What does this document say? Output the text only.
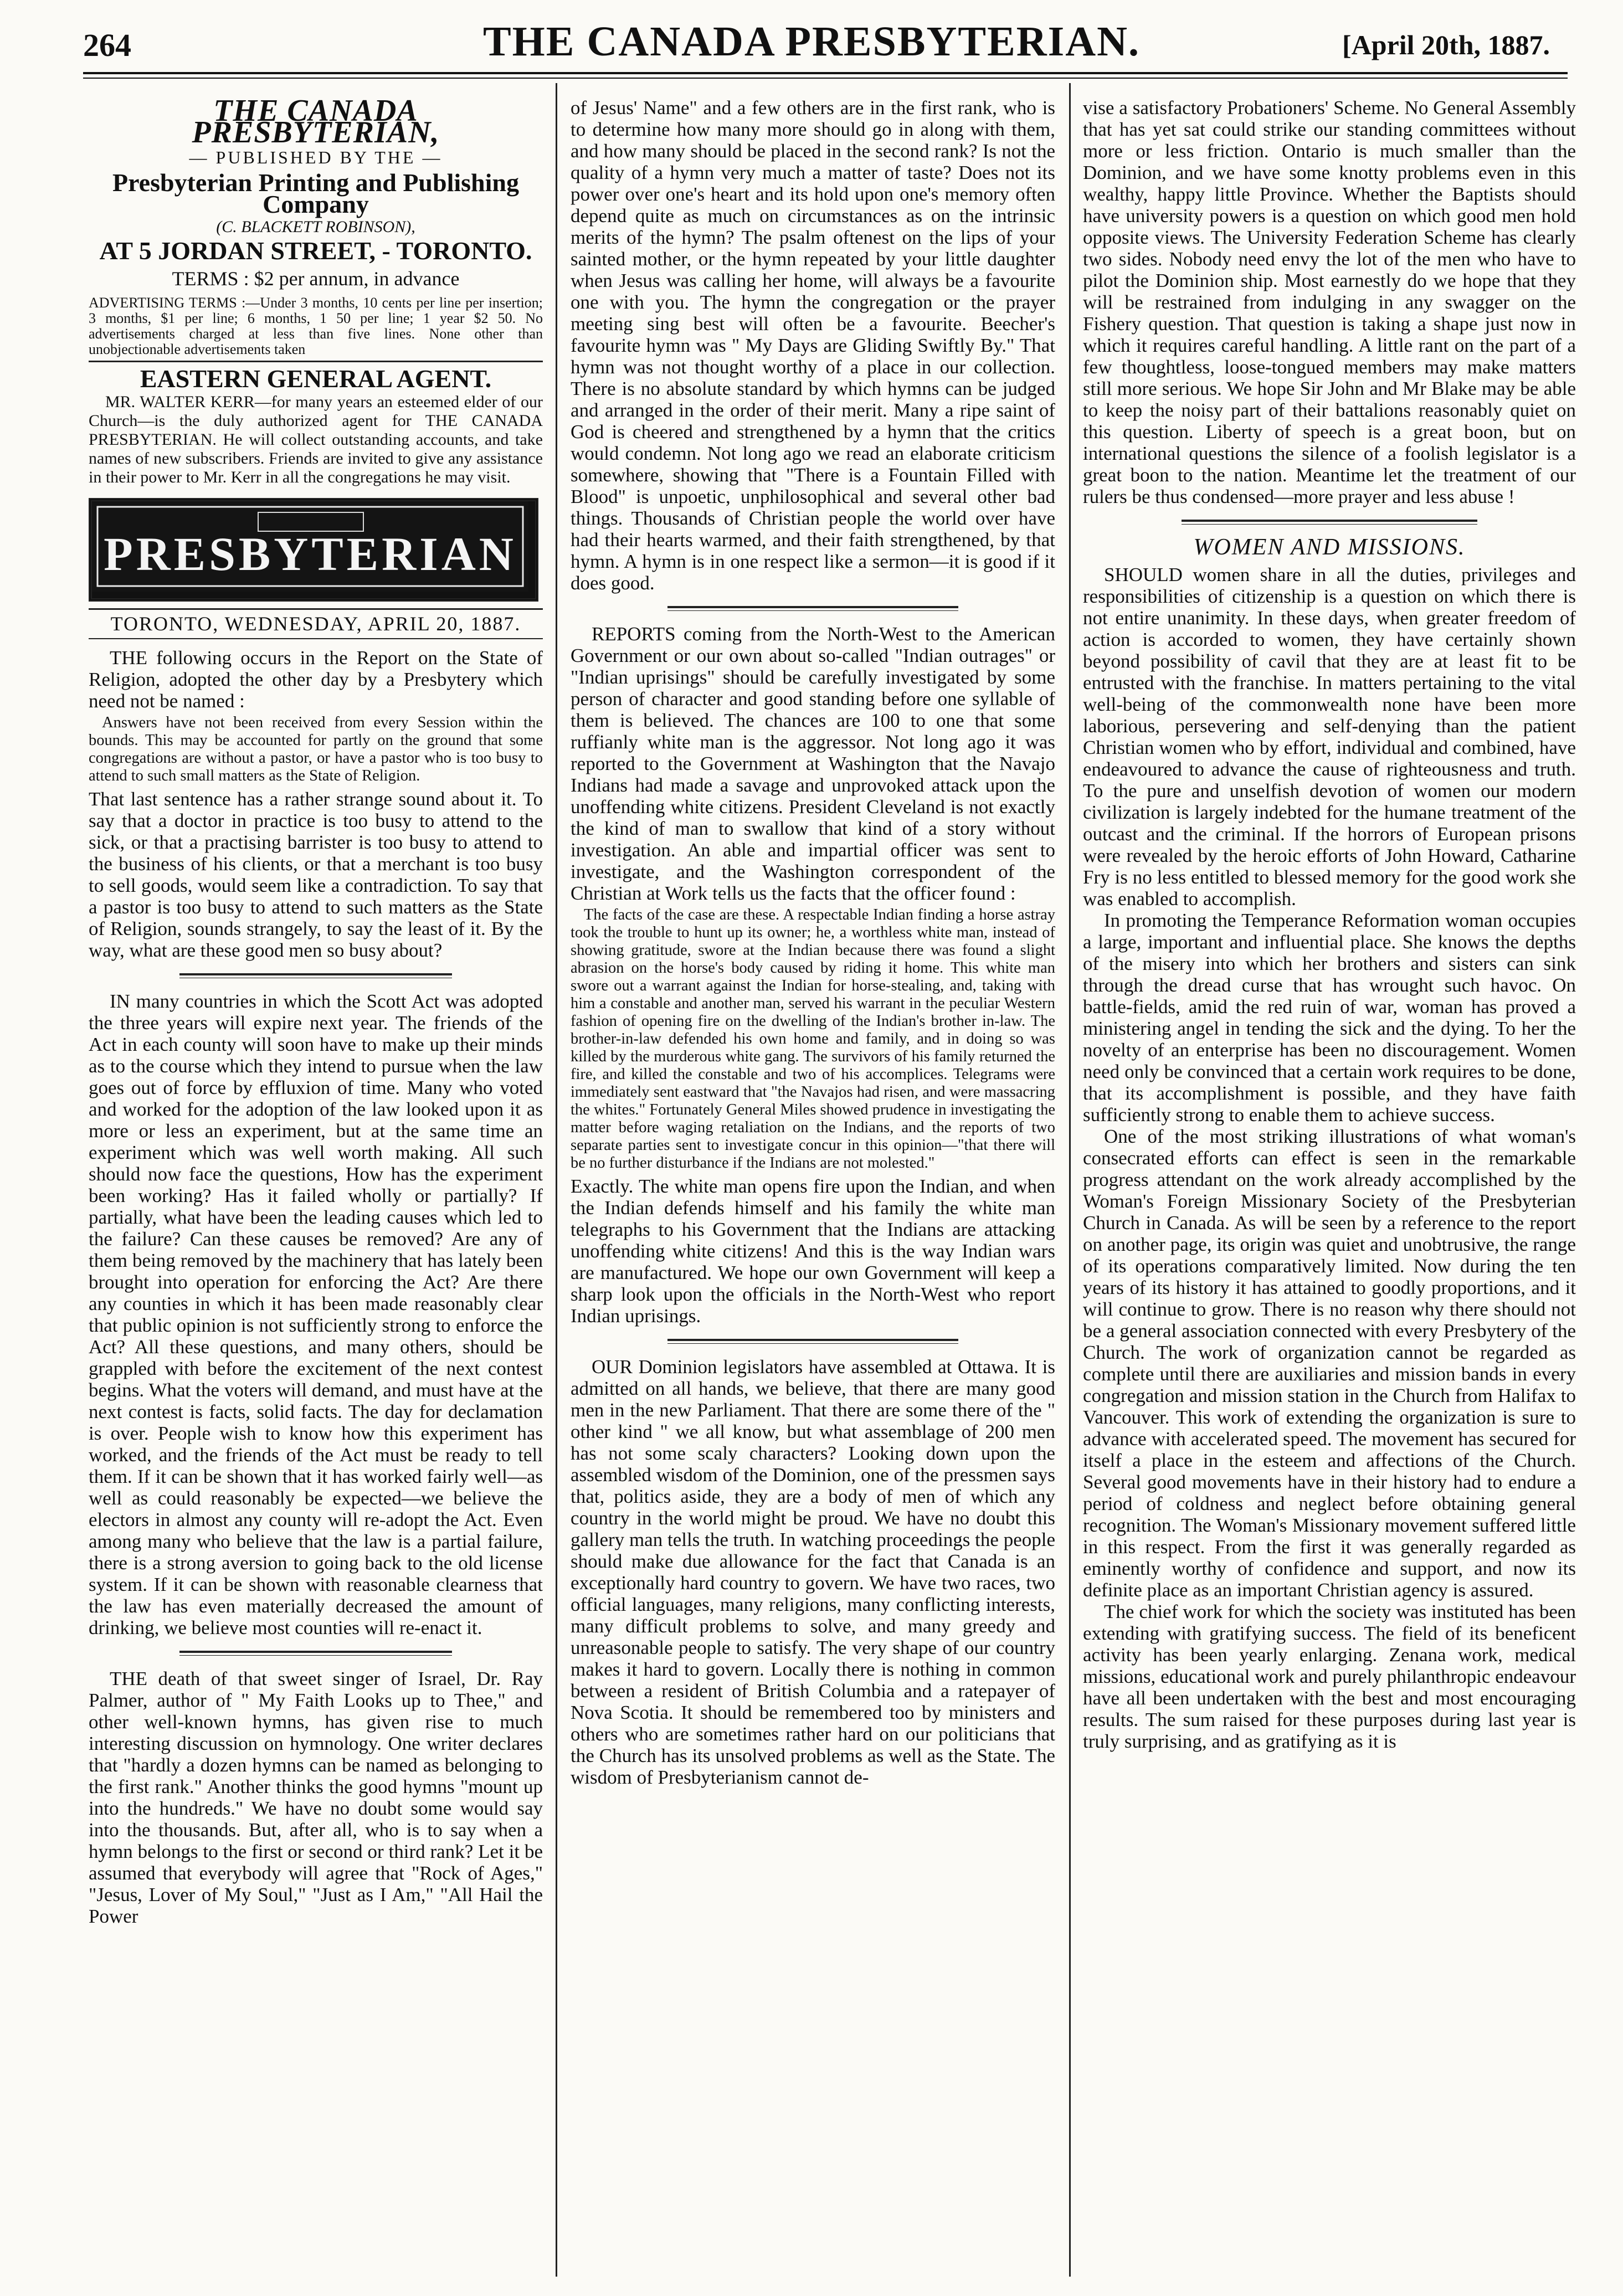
264	THE CANADA PRESBYTERIAN.	[April 20th, 1887.
THE CANADA PRESBYTERIAN,
— PUBLISHED BY THE —
Presbyterian Printing and Publishing Company
(C. BLACKETT ROBINSON),
AT 5 JORDAN STREET, - TORONTO.
TERMS : $2 per annum, in advance
ADVERTISING TERMS :—Under 3 months, 10 cents per line per insertion; 3 months, $1 per line; 6 months, 1 50 per line; 1 year $2 50. No advertisements charged at less than five lines. None other than unobjectionable advertisements taken
EASTERN GENERAL AGENT.
MR. WALTER KERR—for many years an esteemed elder of our Church—is the duly authorized agent for THE CANADA PRESBYTERIAN. He will collect outstanding accounts, and take names of new subscribers. Friends are invited to give any assistance in their power to Mr. Kerr in all the congregations he may visit.
PRESBYTERIAN
TORONTO, WEDNESDAY, APRIL 20, 1887.

THE following occurs in the Report on the State of Religion, adopted the other day by a Presbytery which need not be named :

Answers have not been received from every Session within the bounds. This may be accounted for partly on the ground that some congregations are without a pastor, or have a pastor who is too busy to attend to such small matters as the State of Religion.

That last sentence has a rather strange sound about it. To say that a doctor in practice is too busy to attend to the sick, or that a practising barrister is too busy to attend to the business of his clients, or that a merchant is too busy to sell goods, would seem like a contradiction. To say that a pastor is too busy to attend to such matters as the State of Religion, sounds strangely, to say the least of it. By the way, what are these good men so busy about?

IN many countries in which the Scott Act was adopted the three years will expire next year. The friends of the Act in each county will soon have to make up their minds as to the course which they intend to pursue when the law goes out of force by effluxion of time. Many who voted and worked for the adoption of the law looked upon it as more or less an experiment, but at the same time an experiment which was well worth making. All such should now face the questions, How has the experiment been working? Has it failed wholly or partially? If partially, what have been the leading causes which led to the failure? Can these causes be removed? Are any of them being removed by the machinery that has lately been brought into operation for enforcing the Act? Are there any counties in which it has been made reasonably clear that public opinion is not sufficiently strong to enforce the Act? All these questions, and many others, should be grappled with before the excitement of the next contest begins. What the voters will demand, and must have at the next contest is facts, solid facts. The day for declamation is over. People wish to know how this experiment has worked, and the friends of the Act must be ready to tell them. If it can be shown that it has worked fairly well—as well as could reasonably be expected—we believe the electors in almost any county will re-adopt the Act. Even among many who believe that the law is a partial failure, there is a strong aversion to going back to the old license system. If it can be shown with reasonable clearness that the law has even materially decreased the amount of drinking, we believe most counties will re-enact it.

THE death of that sweet singer of Israel, Dr. Ray Palmer, author of " My Faith Looks up to Thee," and other well-known hymns, has given rise to much interesting discussion on hymnology. One writer declares that "hardly a dozen hymns can be named as belonging to the first rank." Another thinks the good hymns "mount up into the hundreds." We have no doubt some would say into the thousands. But, after all, who is to say when a hymn belongs to the first or second or third rank? Let it be assumed that everybody will agree that "Rock of Ages," "Jesus, Lover of My Soul," "Just as I Am," "All Hail the Power

of Jesus' Name" and a few others are in the first rank, who is to determine how many more should go in along with them, and how many should be placed in the second rank? Is not the quality of a hymn very much a matter of taste? Does not its power over one's heart and its hold upon one's memory often depend quite as much on circumstances as on the intrinsic merits of the hymn? The psalm oftenest on the lips of your sainted mother, or the hymn repeated by your little daughter when Jesus was calling her home, will always be a favourite one with you. The hymn the congregation or the prayer meeting sing best will often be a favourite. Beecher's favourite hymn was " My Days are Gliding Swiftly By." That hymn was not thought worthy of a place in our collection. There is no absolute standard by which hymns can be judged and arranged in the order of their merit. Many a ripe saint of God is cheered and strengthened by a hymn that the critics would condemn. Not long ago we read an elaborate criticism somewhere, showing that "There is a Fountain Filled with Blood" is unpoetic, unphilosophical and several other bad things. Thousands of Christian people the world over have had their hearts warmed, and their faith strengthened, by that hymn. A hymn is in one respect like a sermon—it is good if it does good.

REPORTS coming from the North-West to the American Government or our own about so-called "Indian outrages" or "Indian uprisings" should be carefully investigated by some person of character and good standing before one syllable of them is believed. The chances are 100 to one that some ruffianly white man is the aggressor. Not long ago it was reported to the Government at Washington that the Navajo Indians had made a savage and unprovoked attack upon the unoffending white citizens. President Cleveland is not exactly the kind of man to swallow that kind of a story without investigation. An able and impartial officer was sent to investigate, and the Washington correspondent of the Christian at Work tells us the facts that the officer found :

The facts of the case are these. A respectable Indian finding a horse astray took the trouble to hunt up its owner; he, a worthless white man, instead of showing gratitude, swore at the Indian because there was found a slight abrasion on the horse's body caused by riding it home. This white man swore out a warrant against the Indian for horse-stealing, and, taking with him a constable and another man, served his warrant in the peculiar Western fashion of opening fire on the dwelling of the Indian's brother in-law. The brother-in-law defended his own home and family, and in doing so was killed by the murderous white gang. The survivors of his family returned the fire, and killed the constable and two of his accomplices. Telegrams were immediately sent eastward that "the Navajos had risen, and were massacring the whites." Fortunately General Miles showed prudence in investigating the matter before waging retaliation on the Indians, and the reports of two separate parties sent to investigate concur in this opinion—"that there will be no further disturbance if the Indians are not molested."

Exactly. The white man opens fire upon the Indian, and when the Indian defends himself and his family the white man telegraphs to his Government that the Indians are attacking unoffending white citizens! And this is the way Indian wars are manufactured. We hope our own Government will keep a sharp look upon the officials in the North-West who report Indian uprisings.

OUR Dominion legislators have assembled at Ottawa. It is admitted on all hands, we believe, that there are many good men in the new Parliament. That there are some there of the " other kind " we all know, but what assemblage of 200 men has not some scaly characters? Looking down upon the assembled wisdom of the Dominion, one of the pressmen says that, politics aside, they are a body of men of which any country in the world might be proud. We have no doubt this gallery man tells the truth. In watching proceedings the people should make due allowance for the fact that Canada is an exceptionally hard country to govern. We have two races, two official languages, many religions, many conflicting interests, many difficult problems to solve, and many greedy and unreasonable people to satisfy. The very shape of our country makes it hard to govern. Locally there is nothing in common between a resident of British Columbia and a ratepayer of Nova Scotia. It should be remembered too by ministers and others who are sometimes rather hard on our politicians that the Church has its unsolved problems as well as the State. The wisdom of Presbyterianism cannot de-

vise a satisfactory Probationers' Scheme. No General Assembly that has yet sat could strike our standing committees without more or less friction. Ontario is much smaller than the Dominion, and we have some knotty problems even in this wealthy, happy little Province. Whether the Baptists should have university powers is a question on which good men hold opposite views. The University Federation Scheme has clearly two sides. Nobody need envy the lot of the men who have to pilot the Dominion ship. Most earnestly do we hope that they will be restrained from indulging in any swagger on the Fishery question. That question is taking a shape just now in which it requires careful handling. A little rant on the part of a few thoughtless, loose-tongued members may make matters still more serious. We hope Sir John and Mr Blake may be able to keep the noisy part of their battalions reasonably quiet on this question. Liberty of speech is a great boon, but on international questions the silence of a foolish legislator is a great boon to the nation. Meantime let the treatment of our rulers be thus condensed—more prayer and less abuse !

WOMEN AND MISSIONS.

SHOULD women share in all the duties, privileges and responsibilities of citizenship is a question on which there is not entire unanimity. In these days, when greater freedom of action is accorded to women, they have certainly shown beyond possibility of cavil that they are at least fit to be entrusted with the franchise. In matters pertaining to the vital well-being of the commonwealth none have been more laborious, persevering and self-denying than the patient Christian women who by effort, individual and combined, have endeavoured to advance the cause of righteousness and truth. To the pure and unselfish devotion of women our modern civilization is largely indebted for the humane treatment of the outcast and the criminal. If the horrors of European prisons were revealed by the heroic efforts of John Howard, Catharine Fry is no less entitled to blessed memory for the good work she was enabled to accomplish.

In promoting the Temperance Reformation woman occupies a large, important and influential place. She knows the depths of the misery into which her brothers and sisters can sink through the dread curse that has wrought such havoc. On battle-fields, amid the red ruin of war, woman has proved a ministering angel in tending the sick and the dying. To her the novelty of an enterprise has been no discouragement. Women need only be convinced that a certain work requires to be done, that its accomplishment is possible, and they have faith sufficiently strong to enable them to achieve success.

One of the most striking illustrations of what woman's consecrated efforts can effect is seen in the remarkable progress attendant on the work already accomplished by the Woman's Foreign Missionary Society of the Presbyterian Church in Canada. As will be seen by a reference to the report on another page, its origin was quiet and unobtrusive, the range of its operations comparatively limited. Now during the ten years of its history it has attained to goodly proportions, and it will continue to grow. There is no reason why there should not be a general association connected with every Presbytery of the Church. The work of organization cannot be regarded as complete until there are auxiliaries and mission bands in every congregation and mission station in the Church from Halifax to Vancouver. This work of extending the organization is sure to advance with accelerated speed. The movement has secured for itself a place in the esteem and affections of the Church. Several good movements have in their history had to endure a period of coldness and neglect before obtaining general recognition. The Woman's Missionary movement suffered little in this respect. From the first it was generally regarded as eminently worthy of confidence and support, and now its definite place as an important Christian agency is assured.

The chief work for which the society was instituted has been extending with gratifying success. The field of its beneficent activity has been yearly enlarging. Zenana work, medical missions, educational work and purely philanthropic endeavour have all been undertaken with the best and most encouraging results. The sum raised for these purposes during last year is truly surprising, and as gratifying as it is
